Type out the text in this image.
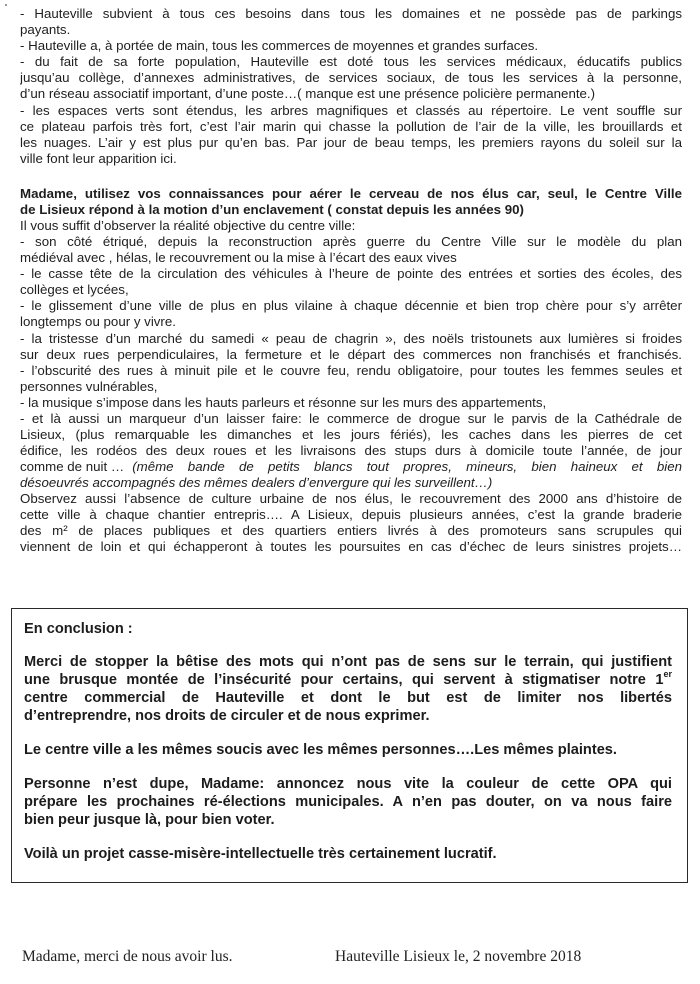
- Hauteville subvient à tous ces besoins dans tous les domaines et ne possède pas de parkings
payants.
- Hauteville a, à portée de main, tous les commerces de moyennes et grandes surfaces.
- du fait de sa forte population, Hauteville est doté tous les services médicaux, éducatifs publics
jusqu’au collège, d’annexes administratives, de services sociaux, de tous les services à la personne,
d’un réseau associatif important, d’une poste…( manque est une présence policière permanente.)
- les espaces verts sont étendus, les arbres magnifiques et classés au répertoire. Le vent souffle sur
ce plateau parfois très fort, c’est l’air marin qui chasse la pollution de l’air de la ville, les brouillards et
les nuages. L’air y est plus pur qu’en bas. Par jour de beau temps, les premiers rayons du soleil sur la
ville font leur apparition ici.
Madame, utilisez vos connaissances pour aérer le cerveau de nos élus car, seul, le Centre Ville
de Lisieux répond à la motion d’un enclavement ( constat depuis les années 90)
Il vous suffit d’observer la réalité objective du centre ville:
- son côté étriqué, depuis la reconstruction après guerre du Centre Ville sur le modèle du plan
médiéval avec , hélas, le recouvrement ou la mise à l’écart des eaux vives
- le casse tête de la circulation des véhicules à l’heure de pointe des entrées et sorties des écoles, des
collèges et lycées,
- le glissement d’une ville de plus en plus vilaine à chaque décennie et bien trop chère pour s’y arrêter
longtemps ou pour y vivre.
- la tristesse d’un marché du samedi « peau de chagrin », des noëls tristounets aux lumières si froides
sur deux rues perpendiculaires, la fermeture et le départ des commerces non franchisés et franchisés.
- l’obscurité des rues à minuit pile et le couvre feu, rendu obligatoire, pour toutes les femmes seules et
personnes vulnérables,
- la musique s’impose dans les hauts parleurs et résonne sur les murs des appartements,
- et là aussi un marqueur d’un laisser faire: le commerce de drogue sur le parvis de la Cathédrale de
Lisieux, (plus remarquable les dimanches et les jours fériés), les caches dans les pierres de cet
édifice, les rodéos des deux roues et les livraisons des stups durs à domicile toute l’année, de jour
comme de nuit … (même bande de petits blancs tout propres, mineurs, bien haineux et bien
désoeuvrés accompagnés des mêmes dealers d’envergure qui les surveillent…)
Observez aussi l’absence de culture urbaine de nos élus, le recouvrement des 2000 ans d’histoire de
cette ville à chaque chantier entrepris…. A Lisieux, depuis plusieurs années, c’est la grande braderie
des m² de places publiques et des quartiers entiers livrés à des promoteurs sans scrupules qui
viennent de loin et qui échapperont à toutes les poursuites en cas d’échec de leurs sinistres projets…
En conclusion :
Merci de stopper la bêtise des mots qui n’ont pas de sens sur le terrain, qui justifient
une brusque montée de l’insécurité pour certains, qui servent à stigmatiser notre 1er
centre commercial de Hauteville et dont le but est de limiter nos libertés
d’entreprendre, nos droits de circuler et de nous exprimer.
Le centre ville a les mêmes soucis avec les mêmes personnes….Les mêmes plaintes.
Personne n’est dupe, Madame: annoncez nous vite la couleur de cette OPA qui
prépare les prochaines ré-élections municipales. A n’en pas douter, on va nous faire
bien peur jusque là, pour bien voter.
Voilà un projet casse-misère-intellectuelle très certainement lucratif.
Madame, merci de nous avoir lus.	Hauteville Lisieux le, 2 novembre 2018
